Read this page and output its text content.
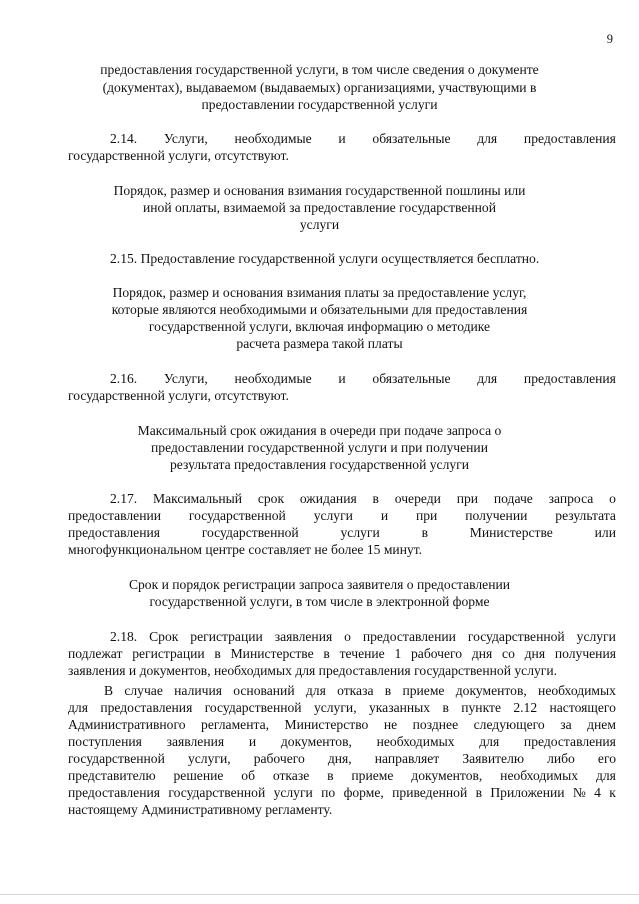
9
предоставления государственной услуги, в том числе сведения о документе
(документах), выдаваемом (выдаваемых) организациями, участвующими в
предоставлении государственной услуги
2.14. Услуги, необходимые и обязательные для предоставления
государственной услуги, отсутствуют.
Порядок, размер и основания взимания государственной пошлины или
иной оплаты, взимаемой за предоставление государственной
услуги
2.15. Предоставление государственной услуги осуществляется бесплатно.
Порядок, размер и основания взимания платы за предоставление услуг,
которые являются необходимыми и обязательными для предоставления
государственной услуги, включая информацию о методике
расчета размера такой платы
2.16. Услуги, необходимые и обязательные для предоставления
государственной услуги, отсутствуют.
Максимальный срок ожидания в очереди при подаче запроса о
предоставлении государственной услуги и при получении
результата предоставления государственной услуги
2.17. Максимальный срок ожидания в очереди при подаче запроса о
предоставлении государственной услуги и при получении результата
предоставления	государственной	услуги	в	Министерстве	или
многофункциональном центре составляет не более 15 минут.
Срок и порядок регистрации запроса заявителя о предоставлении
государственной услуги, в том числе в электронной форме
2.18. Срок регистрации заявления о предоставлении государственной услуги
подлежат регистрации в Министерстве в течение 1 рабочего дня со дня получения
заявления и документов, необходимых для предоставления государственной услуги.
В случае наличия оснований для отказа в приеме документов, необходимых
для предоставления государственной услуги, указанных в пункте 2.12 настоящего
Административного регламента, Министерство не позднее следующего за днем
поступления заявления и документов, необходимых для предоставления
государственной услуги, рабочего дня, направляет Заявителю либо его
представителю решение об отказе в приеме документов, необходимых для
предоставления государственной услуги по форме, приведенной в Приложении № 4 к
настоящему Административному регламенту.
